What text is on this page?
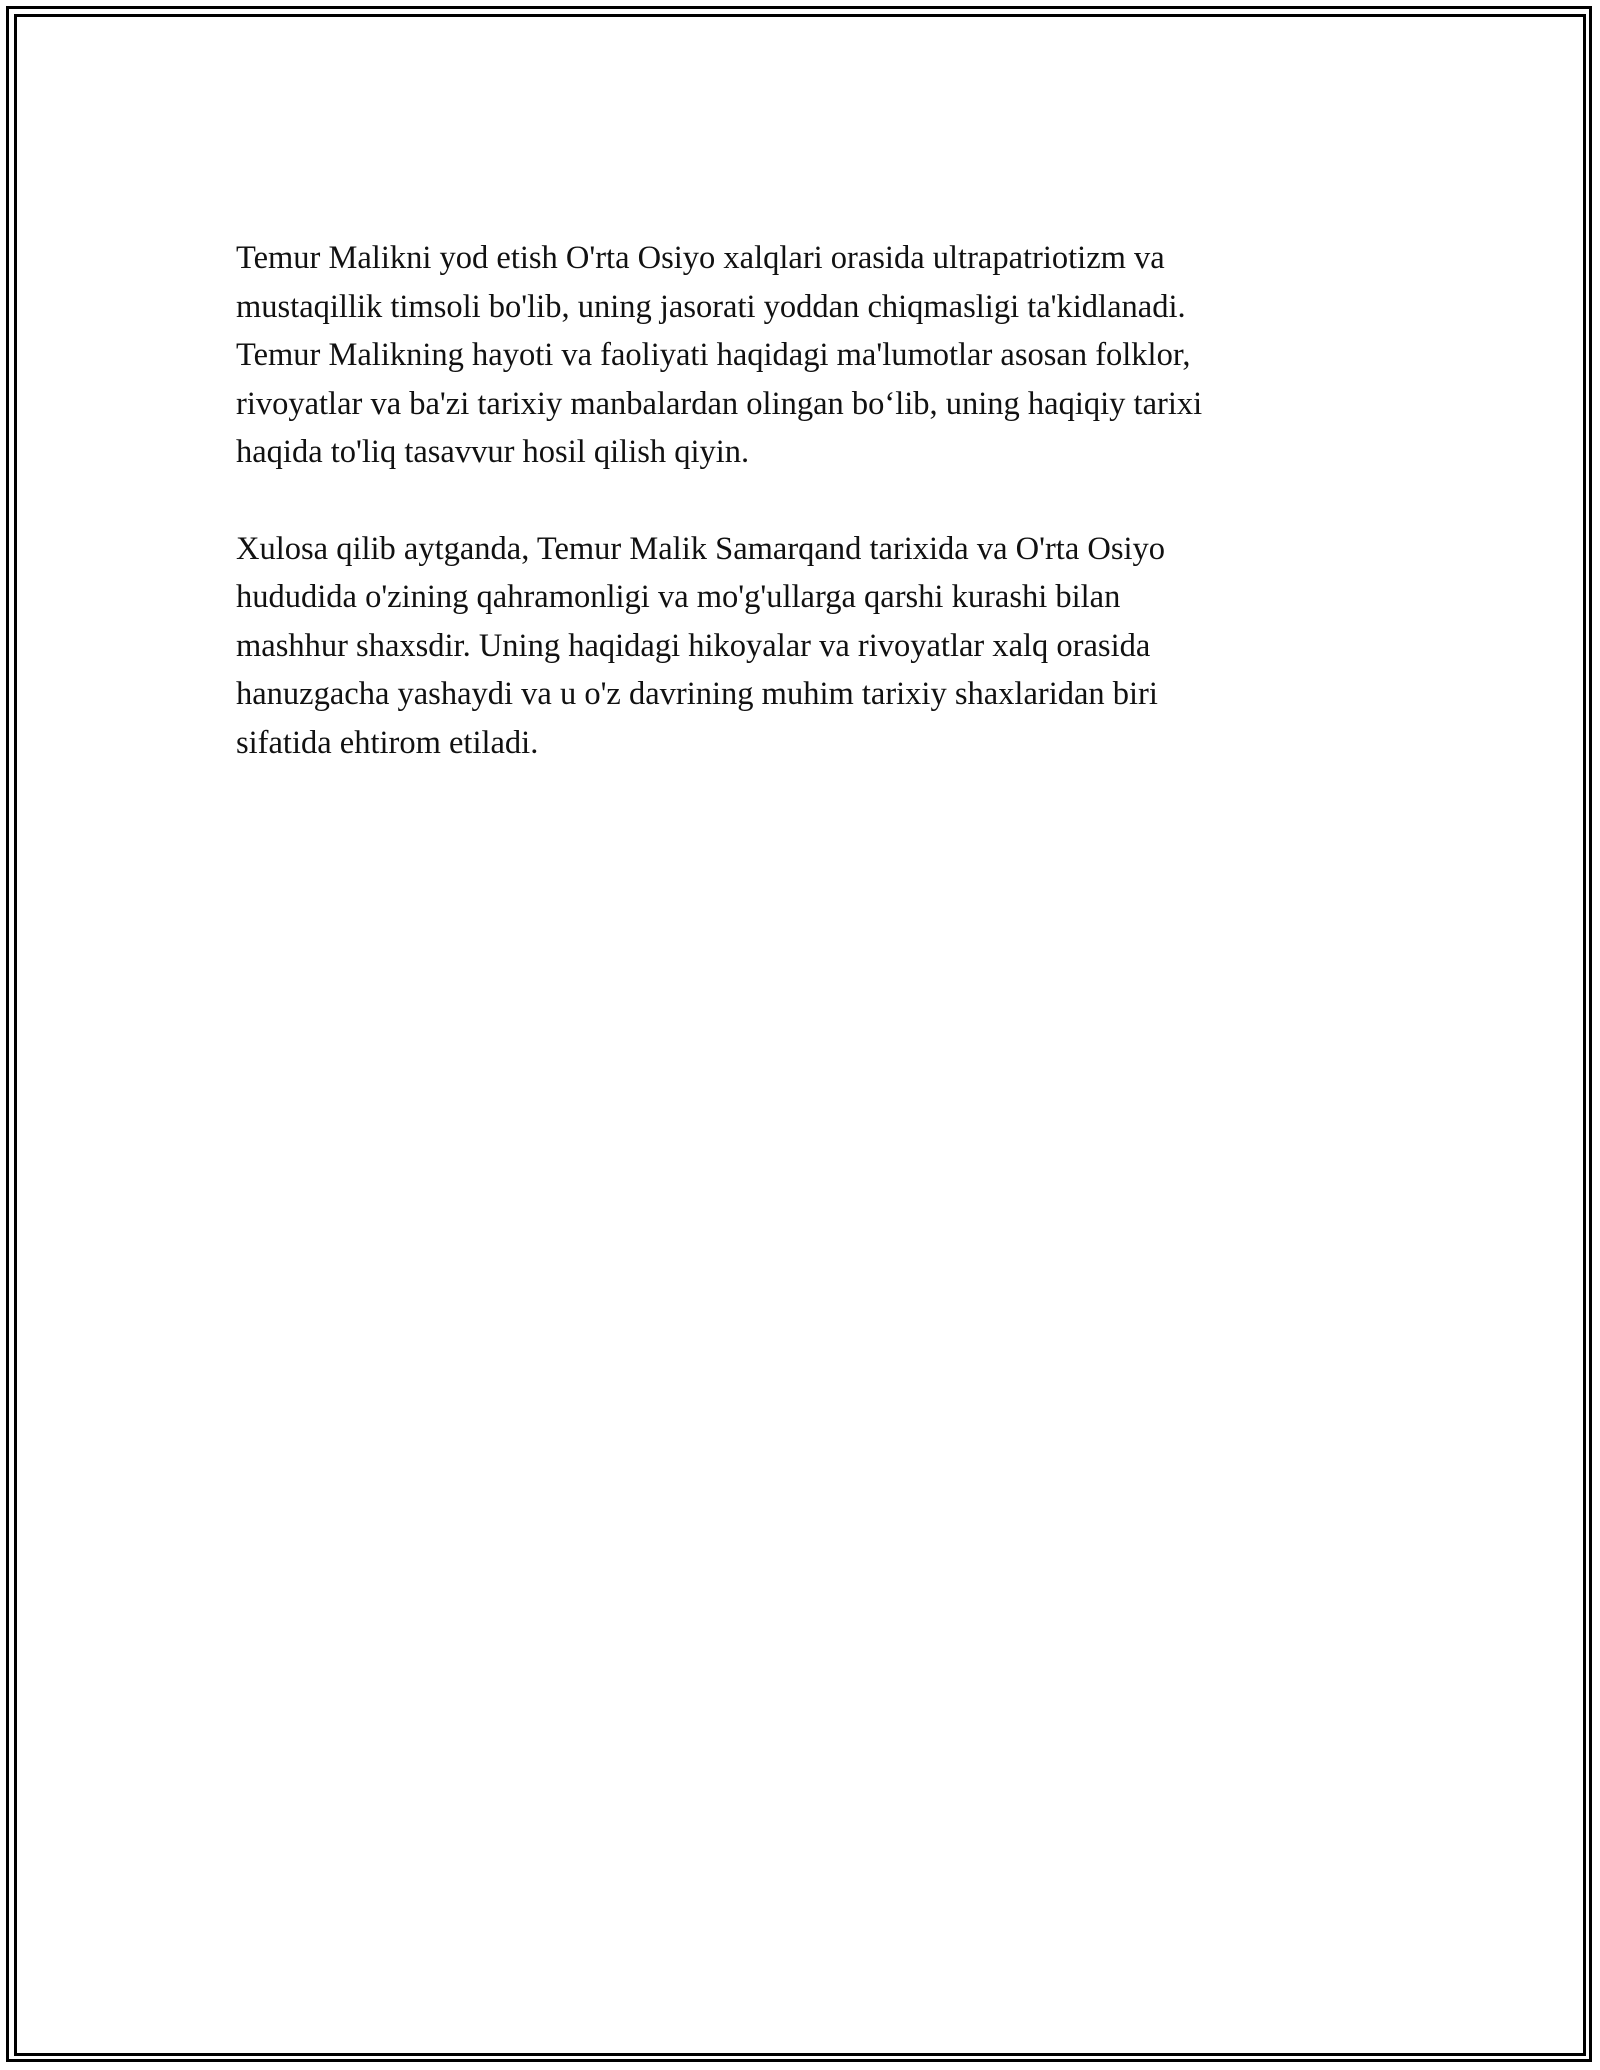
Temur Malikni yod etish O'rta Osiyo xalqlari orasida ultrapatriotizm va
mustaqillik timsoli bo'lib, uning jasorati yoddan chiqmasligi ta'kidlanadi.
Temur Malikning hayoti va faoliyati haqidagi ma'lumotlar asosan folklor,
rivoyatlar va ba'zi tarixiy manbalardan olingan bo‘lib, uning haqiqiy tarixi
haqida to'liq tasavvur hosil qilish qiyin.

Xulosa qilib aytganda, Temur Malik Samarqand tarixida va O'rta Osiyo
hududida o'zining qahramonligi va mo'g'ullarga qarshi kurashi bilan
mashhur shaxsdir. Uning haqidagi hikoyalar va rivoyatlar xalq orasida
hanuzgacha yashaydi va u o'z davrining muhim tarixiy shaxlaridan biri
sifatida ehtirom etiladi.
